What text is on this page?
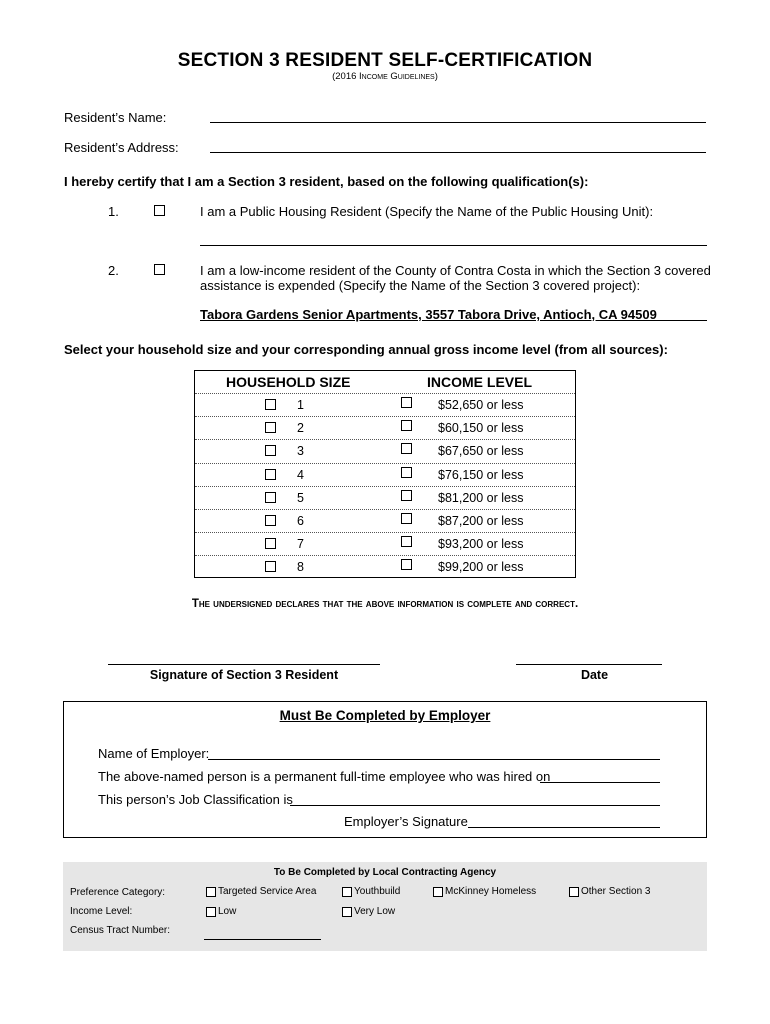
SECTION 3 RESIDENT SELF-CERTIFICATION
(2016 Income Guidelines)
Resident’s Name:
Resident’s Address:
I hereby certify that I am a Section 3 resident, based on the following qualification(s):
1.	I am a Public Housing Resident (Specify the Name of the Public Housing Unit):
2.	I am a low-income resident of the County of Contra Costa in which the Section 3 covered
assistance is expended (Specify the Name of the Section 3 covered project):
Tabora Gardens Senior Apartments, 3557 Tabora Drive, Antioch, CA 94509
Select your household size and your corresponding annual gross income level (from all sources):
HOUSEHOLD SIZE	INCOME LEVEL
1	$52,650 or less
2	$60,150 or less
3	$67,650 or less
4	$76,150 or less
5	$81,200 or less
6	$87,200 or less
7	$93,200 or less
8	$99,200 or less
The undersigned declares that the above information is complete and correct.
Signature of Section 3 Resident	Date
Must Be Completed by Employer
Name of Employer:
The above-named person is a permanent full-time employee who was hired on
This person’s Job Classification is
Employer’s Signature
To Be Completed by Local Contracting Agency
Preference Category:	Targeted Service Area	Youthbuild	McKinney Homeless	Other Section 3
Income Level:	Low	Very Low
Census Tract Number:
